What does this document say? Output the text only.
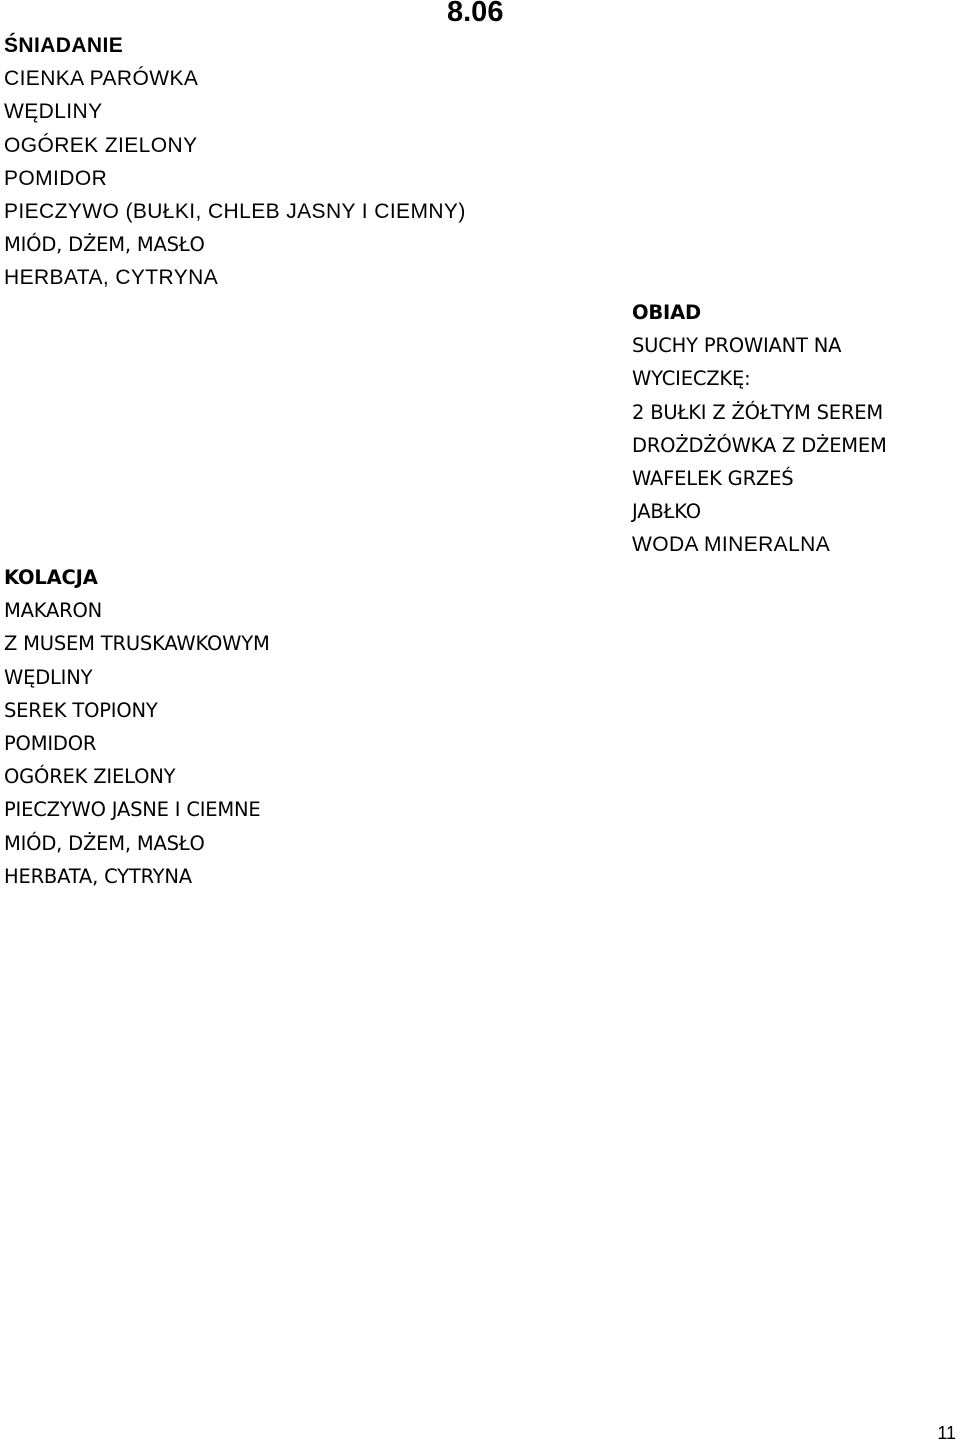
8.06
ŚNIADANIE
CIENKA PARÓWKA
WĘDLINY
OGÓREK ZIELONY
POMIDOR
PIECZYWO (BUŁKI, CHLEB JASNY I CIEMNY)
MIÓD, DŻEM, MASŁO
HERBATA, CYTRYNA
OBIAD
SUCHY PROWIANT NA
WYCIECZKĘ:
2 BUŁKI Z ŻÓŁTYM SEREM
DROŻDŻÓWKA Z DŻEMEM
WAFELEK GRZEŚ
JABŁKO
WODA MINERALNA
KOLACJA
MAKARON
Z MUSEM TRUSKAWKOWYM
WĘDLINY
SEREK TOPIONY
POMIDOR
OGÓREK ZIELONY
PIECZYWO JASNE I CIEMNE
MIÓD, DŻEM, MASŁO
HERBATA, CYTRYNA
11
